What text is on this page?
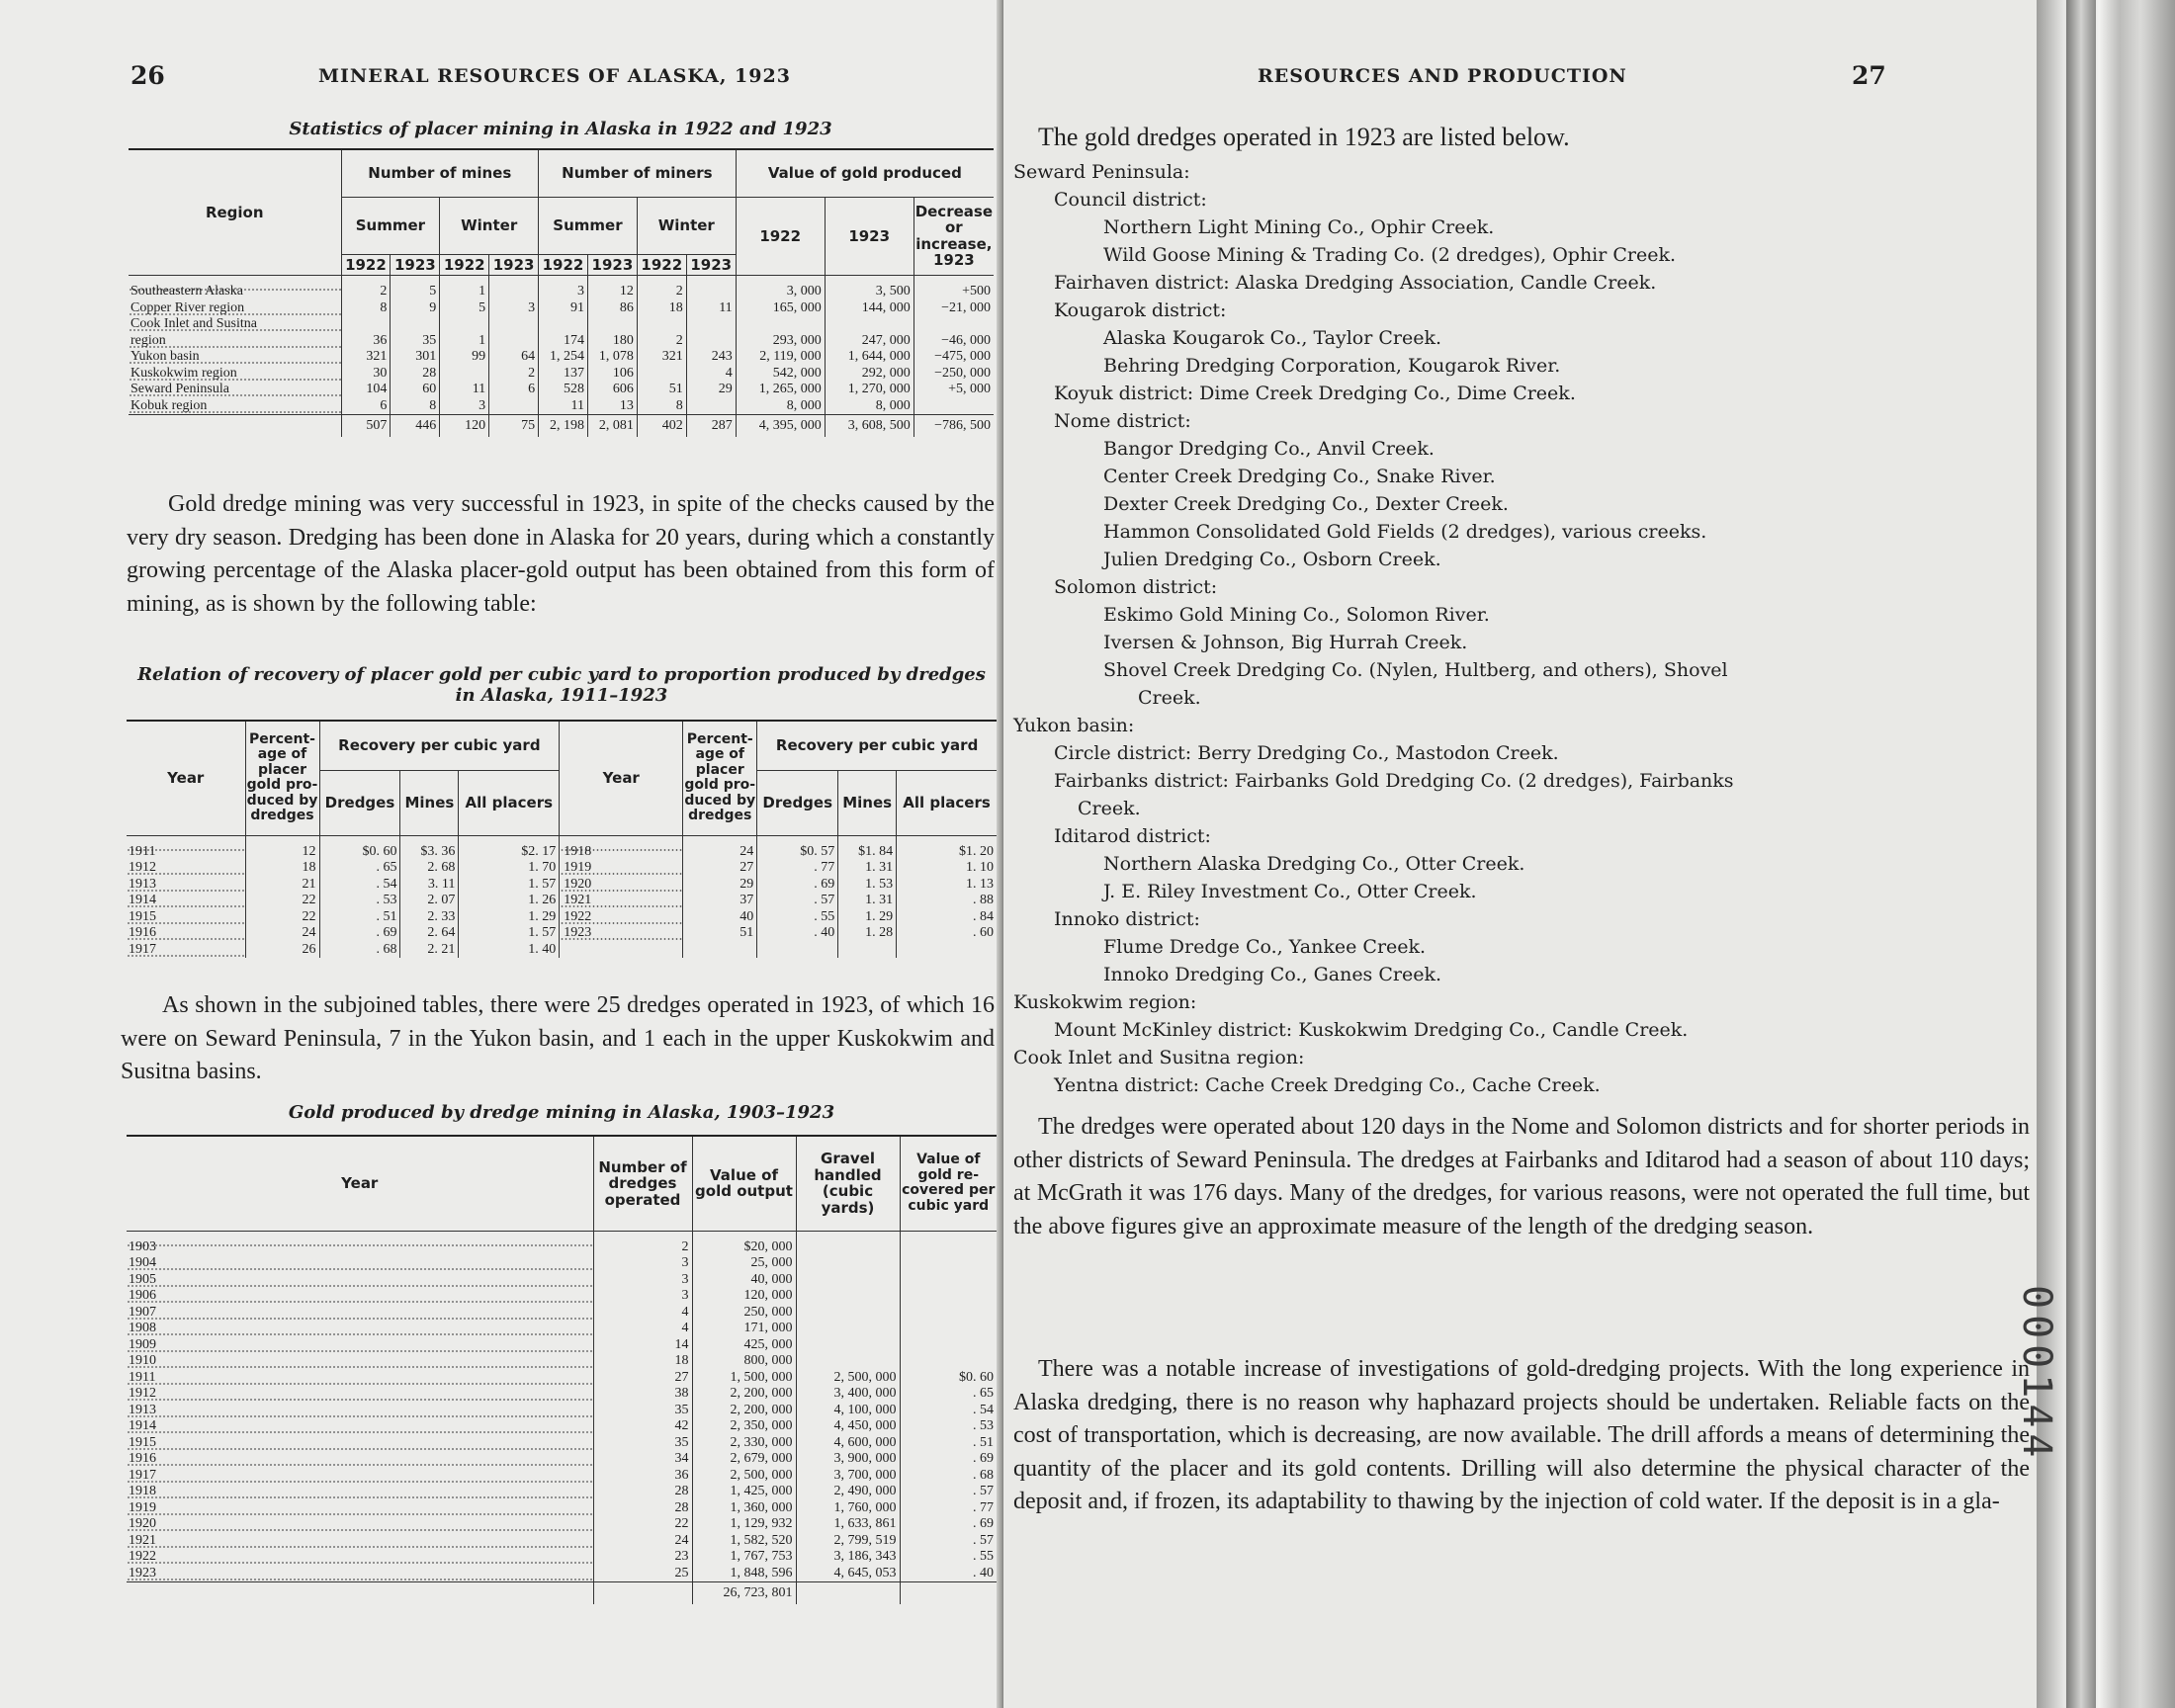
26	MINERAL RESOURCES OF ALASKA, 1923
Statistics of placer mining in Alaska in 1922 and 1923
Region	Number of mines				Number of miners				Value of gold produced		
	Summer		Winter		Summer		Winter		1922	1923	Decrease or increase, 1923
	1922	1923	1922	1923	1922	1923	1922	1923			
Southeastern Alaska	2	5	1		3	12	2		3, 000	3, 500	+500
Copper River region	8	9	5	3	91	86	18	11	165, 000	144, 000	−21, 000
Cook Inlet and Susitna											
region	36	35	1		174	180	2		293, 000	247, 000	−46, 000
Yukon basin	321	301	99	64	1, 254	1, 078	321	243	2, 119, 000	1, 644, 000	−475, 000
Kuskokwim region	30	28		2	137	106		4	542, 000	292, 000	−250, 000
Seward Peninsula	104	60	11	6	528	606	51	29	1, 265, 000	1, 270, 000	+5, 000
Kobuk region	6	8	3		11	13	8		8, 000	8, 000	
	507	446	120	75	2, 198	2, 081	402	287	4, 395, 000	3, 608, 500	−786, 500
Gold dredge mining was very successful in 1923, in spite of the checks caused by the very dry season. Dredging has been done in Alaska for 20 years, during which a constantly growing percentage of the Alaska placer-gold output has been obtained from this form of mining, as is shown by the following table:
Relation of recovery of placer gold per cubic yard to proportion produced by dredges
in Alaska, 1911–1923
Year	Percent-age of placer gold pro-duced by dredges	Recovery per cubic yard			Year	Percent-age of placer gold pro-duced by dredges	Recovery per cubic yard		
		Dredges	Mines	All placers			Dredges	Mines	All placers
1911	12	$0. 60	$3. 36	$2. 17	1918	24	$0. 57	$1. 84	$1. 20
1912	18	. 65	2. 68	1. 70	1919	27	. 77	1. 31	1. 10
1913	21	. 54	3. 11	1. 57	1920	29	. 69	1. 53	1. 13
1914	22	. 53	2. 07	1. 26	1921	37	. 57	1. 31	. 88
1915	22	. 51	2. 33	1. 29	1922	40	. 55	1. 29	. 84
1916	24	. 69	2. 64	1. 57	1923	51	. 40	1. 28	. 60
1917	26	. 68	2. 21	1. 40					
As shown in the subjoined tables, there were 25 dredges operated in 1923, of which 16 were on Seward Peninsula, 7 in the Yukon basin, and 1 each in the upper Kuskokwim and Susitna basins.
Gold produced by dredge mining in Alaska, 1903–1923
Year	Number of dredges operated	Value of gold output	Gravel handled (cubic yards)	Value of gold re-covered per cubic yard
1903	2	$20, 000		
1904	3	25, 000		
1905	3	40, 000		
1906	3	120, 000		
1907	4	250, 000		
1908	4	171, 000		
1909	14	425, 000		
1910	18	800, 000		
1911	27	1, 500, 000	2, 500, 000	$0. 60
1912	38	2, 200, 000	3, 400, 000	. 65
1913	35	2, 200, 000	4, 100, 000	. 54
1914	42	2, 350, 000	4, 450, 000	. 53
1915	35	2, 330, 000	4, 600, 000	. 51
1916	34	2, 679, 000	3, 900, 000	. 69
1917	36	2, 500, 000	3, 700, 000	. 68
1918	28	1, 425, 000	2, 490, 000	. 57
1919	28	1, 360, 000	1, 760, 000	. 77
1920	22	1, 129, 932	1, 633, 861	. 69
1921	24	1, 582, 520	2, 799, 519	. 57
1922	23	1, 767, 753	3, 186, 343	. 55
1923	25	1, 848, 596	4, 645, 053	. 40
		26, 723, 801		
RESOURCES AND PRODUCTION	27
The gold dredges operated in 1923 are listed below.
Seward Peninsula:
Council district:
Northern Light Mining Co., Ophir Creek.
Wild Goose Mining & Trading Co. (2 dredges), Ophir Creek.
Fairhaven district: Alaska Dredging Association, Candle Creek.
Kougarok district:
Alaska Kougarok Co., Taylor Creek.
Behring Dredging Corporation, Kougarok River.
Koyuk district: Dime Creek Dredging Co., Dime Creek.
Nome district:
Bangor Dredging Co., Anvil Creek.
Center Creek Dredging Co., Snake River.
Dexter Creek Dredging Co., Dexter Creek.
Hammon Consolidated Gold Fields (2 dredges), various creeks.
Julien Dredging Co., Osborn Creek.
Solomon district:
Eskimo Gold Mining Co., Solomon River.
Iversen & Johnson, Big Hurrah Creek.
Shovel Creek Dredging Co. (Nylen, Hultberg, and others), Shovel
Creek.
Yukon basin:
Circle district: Berry Dredging Co., Mastodon Creek.
Fairbanks district: Fairbanks Gold Dredging Co. (2 dredges), Fairbanks
Creek.
Iditarod district:
Northern Alaska Dredging Co., Otter Creek.
J. E. Riley Investment Co., Otter Creek.
Innoko district:
Flume Dredge Co., Yankee Creek.
Innoko Dredging Co., Ganes Creek.
Kuskokwim region:
Mount McKinley district: Kuskokwim Dredging Co., Candle Creek.
Cook Inlet and Susitna region:
Yentna district: Cache Creek Dredging Co., Cache Creek.
The dredges were operated about 120 days in the Nome and Solomon districts and for shorter periods in other districts of Seward Peninsula. The dredges at Fairbanks and Iditarod had a season of about 110 days; at McGrath it was 176 days. Many of the dredges, for various reasons, were not operated the full time, but the above figures give an approximate measure of the length of the dredging season.
There was a notable increase of investigations of gold-dredging projects. With the long experience in Alaska dredging, there is no reason why haphazard projects should be undertaken. Reliable facts on the cost of transportation, which is decreasing, are now available. The drill affords a means of determining the quantity of the placer and its gold contents. Drilling will also determine the physical character of the deposit and, if frozen, its adaptability to thawing by the injection of cold water. If the deposit is in a gla-
000144
